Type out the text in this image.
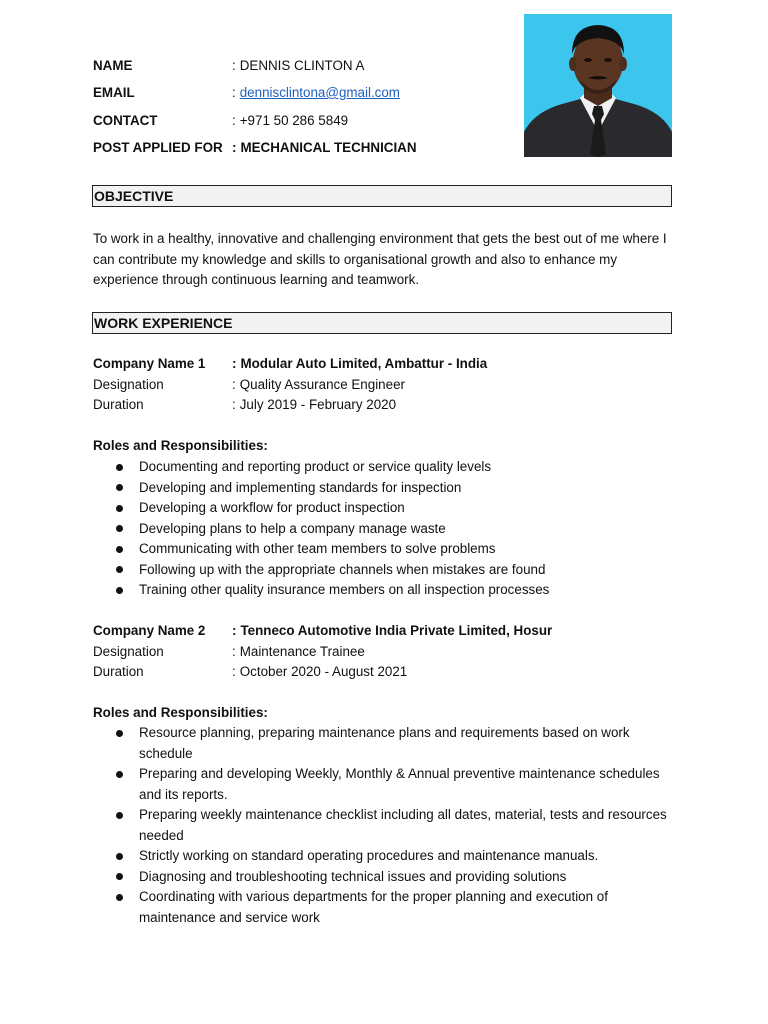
NAME	: DENNIS CLINTON A
EMAIL	: dennisclintona@gmail.com
CONTACT	: +971 50 286 5849
POST APPLIED FOR : MECHANICAL TECHNICIAN
OBJECTIVE
To work in a healthy, innovative and challenging environment that gets the best out of me where I can contribute my knowledge and skills to organisational growth and also to enhance my experience through continuous learning and teamwork.
WORK EXPERIENCE
Company Name 1	: Modular Auto Limited, Ambattur - India
Designation	: Quality Assurance Engineer
Duration	: July 2019 - February 2020
Roles and Responsibilities:
Documenting and reporting product or service quality levels
Developing and implementing standards for inspection
Developing a workflow for product inspection
Developing plans to help a company manage waste
Communicating with other team members to solve problems
Following up with the appropriate channels when mistakes are found
Training other quality insurance members on all inspection processes
Company Name 2	: Tenneco Automotive India Private Limited, Hosur
Designation	: Maintenance Trainee
Duration	: October 2020 - August 2021
Roles and Responsibilities:
Resource planning, preparing maintenance plans and requirements based on work schedule
Preparing and developing Weekly, Monthly & Annual preventive maintenance schedules and its reports.
Preparing weekly maintenance checklist including all dates, material, tests and resources needed
Strictly working on standard operating procedures and maintenance manuals.
Diagnosing and troubleshooting technical issues and providing solutions
Coordinating with various departments for the proper planning and execution of maintenance and service work
